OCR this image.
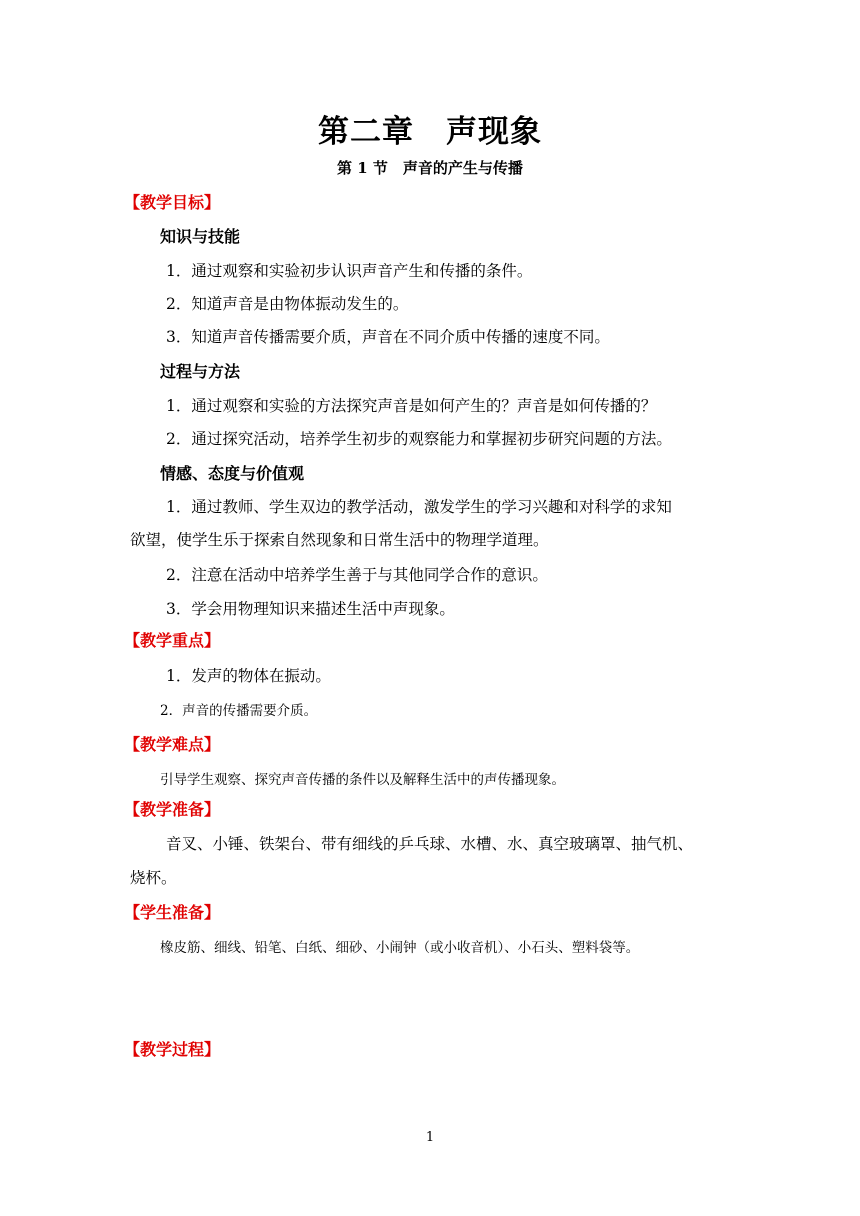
第二章　声现象
第 1 节　声音的产生与传播
【教学目标】
知识与技能
1．通过观察和实验初步认识声音产生和传播的条件。
2．知道声音是由物体振动发生的。
3．知道声音传播需要介质，声音在不同介质中传播的速度不同。
过程与方法
1．通过观察和实验的方法探究声音是如何产生的？声音是如何传播的？
2．通过探究活动，培养学生初步的观察能力和掌握初步研究问题的方法。
情感、态度与价值观
1．通过教师、学生双边的教学活动，激发学生的学习兴趣和对科学的求知
欲望，使学生乐于探索自然现象和日常生活中的物理学道理。
2．注意在活动中培养学生善于与其他同学合作的意识。
3．学会用物理知识来描述生活中声现象。
【教学重点】
1．发声的物体在振动。
2．声音的传播需要介质。
【教学难点】
引导学生观察、探究声音传播的条件以及解释生活中的声传播现象。
【教学准备】
音叉、小锤、铁架台、带有细线的乒乓球、水槽、水、真空玻璃罩、抽气机、
烧杯。
【学生准备】
橡皮筋、细线、铅笔、白纸、细砂、小闹钟（或小收音机）、小石头、塑料袋等。
【教学过程】
1
